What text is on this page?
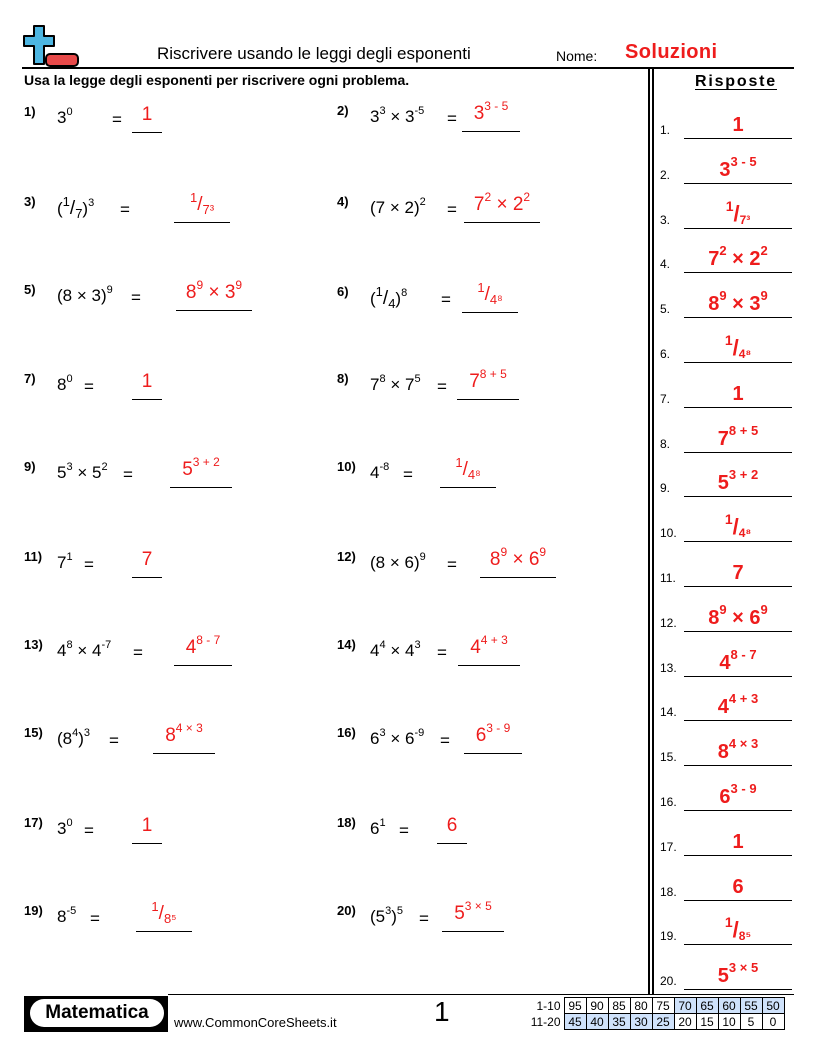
Riscrivere usando le leggi degli esponenti	Nome: Soluzioni
Usa la legge degli esponenti per riscrivere ogni problema.	Risposte
1) $3^0$ =	1	2) $3^3 \times 3^{-5} = 3^{3 - 5}$
3) $(^1/_7)^3$ =
$^1/_{7^3}$
4) $(7 \times 2)^2 = 7^2 \times 2^2$
5) $(8 \times 3)^9$ =	$8^9 \times 3^9$	6) $(^1/_4)^8$ =
$^1/_{4^8}$
7) $8^0$ =	1	8) $7^8 \times 7^5$ =	$7^{8 + 5}$
9) $5^3 \times 5^2$ =	$5^{3 + 2}$	10) $4^{-8}$ =
$^1/_{4^8}$
11) $7^1$ =	7	12) $(8 \times 6)^9$ =	$8^9 \times 6^9$
13) $4^8 \times 4^{-7}$ =	$4^{8 - 7}$	14) $4^4 \times 4^3$ =	$4^{4 + 3}$
15) $(8^4)^3$ =	$8^{4 \times 3}$	16) $6^3 \times 6^{-9}$ =	$6^{3 - 9}$
17) $3^0$ =	1	18) $6^1$ =	6
19) $8^{-5}$ =
$^1/_{8^5}$
20) $(5^3)^5$ =	$5^{3 \times 5}$
1.	1
2.	3$^{3 - 5}$
3.
$^1$/7³
4.	$7^2 \times 2^2$
5.	$8^9 \times 3^9$
6.
$^1$/4⁸
7.	1
8.	$7^{8 + 5}$
9.	$5^{3 + 2}$
10.
$^1$/4⁸
11.	7
12.	$8^9 \times 6^9$
13.	4$^{8 - 7}$
14.	$4^{4 + 3}$
15.	$8^{4 \times 3}$
16.	6$^{3 - 9}$
17.	1
18.	6
19.
$^1$/8⁵
20.	$5^{3 \times 5}$
Matematica	www.CommonCoreSheets.it	1	1-10	95	90	85	80	75	70	65	60	55	50
11-20	45	40	35	30	25	20	15	10	5	0
